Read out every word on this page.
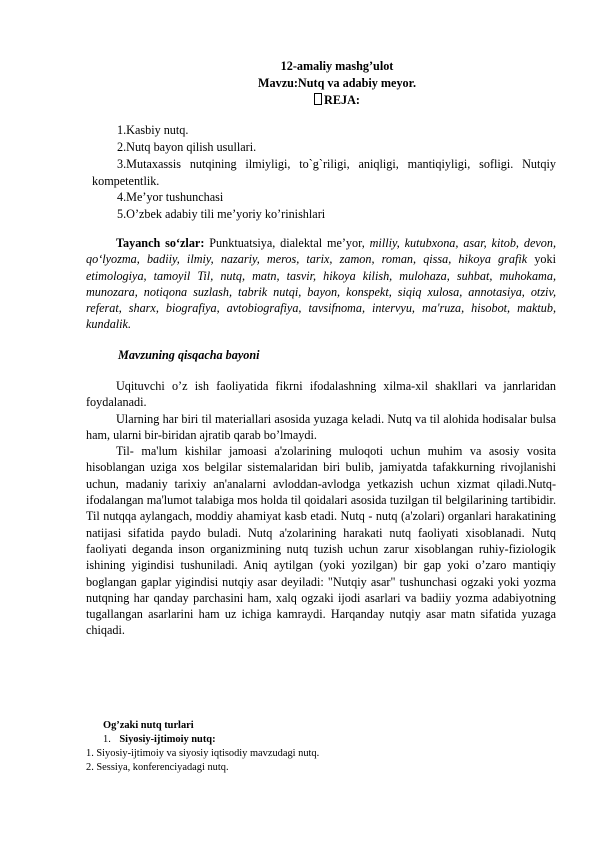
12-amaliy mashg’ulot
Mavzu:Nutq va adabiy meyor.
REJA:
1.Kasbiy nutq.
2.Nutq bayon qilish usullari.
3.Mutaxassis nutqining ilmiyligi, to`g`riligi, aniqligi, mantiqiyligi, sofligi. Nutqiy kompetentlik.
4.Me’yor tushunchasi
5.O’zbek adabiy tili me’yoriy ko’rinishlari

Tayanch so‘zlar: Punktuatsiya, dialektal me’yor, milliy, kutubxona, asar, kitob, devon, qo‘lyozma, badiiy, ilmiy, nazariy, meros, tarix, zamon, roman, qissa, hikoya grafik yoki etimologiya, tamoyil Til, nutq, matn, tasvir, hikoya kilish, mulohaza, suhbat, muhokama, munozara, notiqona suzlash, tabrik nutqi, bayon, konspekt, siqiq xulosa, annotasiya, otziv, referat, sharx, biografiya, avtobiografiya, tavsifnoma, intervyu, ma'ruza, hisobot, maktub, kundalik.

Mavzuning qisqacha bayoni

Uqituvchi o’z ish faoliyatida fikrni ifodalashning xilma-xil shakllari va janrlaridan foydalanadi.

Ularning har biri til materiallari asosida yuzaga keladi. Nutq va til alohida hodisalar bulsa ham, ularni bir-biridan ajratib qarab bo’lmaydi.

Til- ma'lum kishilar jamoasi a'zolarining muloqoti uchun muhim va asosiy vosita hisoblangan uziga xos belgilar sistemalaridan biri bulib, jamiyatda tafakkurning rivojlanishi uchun, madaniy tarixiy an'analarni avloddan-avlodga yetkazish uchun xizmat qiladi.Nutq- ifodalangan ma'lumot talabiga mos holda til qoidalari asosida tuzilgan til belgilarining tartibidir. Til nutqqa aylangach, moddiy ahamiyat kasb etadi. Nutq - nutq (a'zolari) organlari harakatining natijasi sifatida paydo buladi. Nutq a'zolarining harakati nutq faoliyati xisoblanadi. Nutq faoliyati deganda inson organizmining nutq tuzish uchun zarur xisoblangan ruhiy-fiziologik ishining yigindisi tushuniladi. Aniq aytilgan (yoki yozilgan) bir gap yoki o’zaro mantiqiy boglangan gaplar yigindisi nutqiy asar deyiladi: "Nutqiy asar" tushunchasi ogzaki yoki yozma nutqning har qanday parchasini ham, xalq ogzaki ijodi asarlari va badiiy yozma adabiyotning tugallangan asarlarini ham uz ichiga kamraydi. Harqanday nutqiy asar matn sifatida yuzaga chiqadi.

Og’zaki nutq turlari
1. Siyosiy-ijtimoiy nutq:
1. Siyosiy-ijtimoiy va siyosiy iqtisodiy mavzudagi nutq.
2. Sessiya, konferenciyadagi nutq.
